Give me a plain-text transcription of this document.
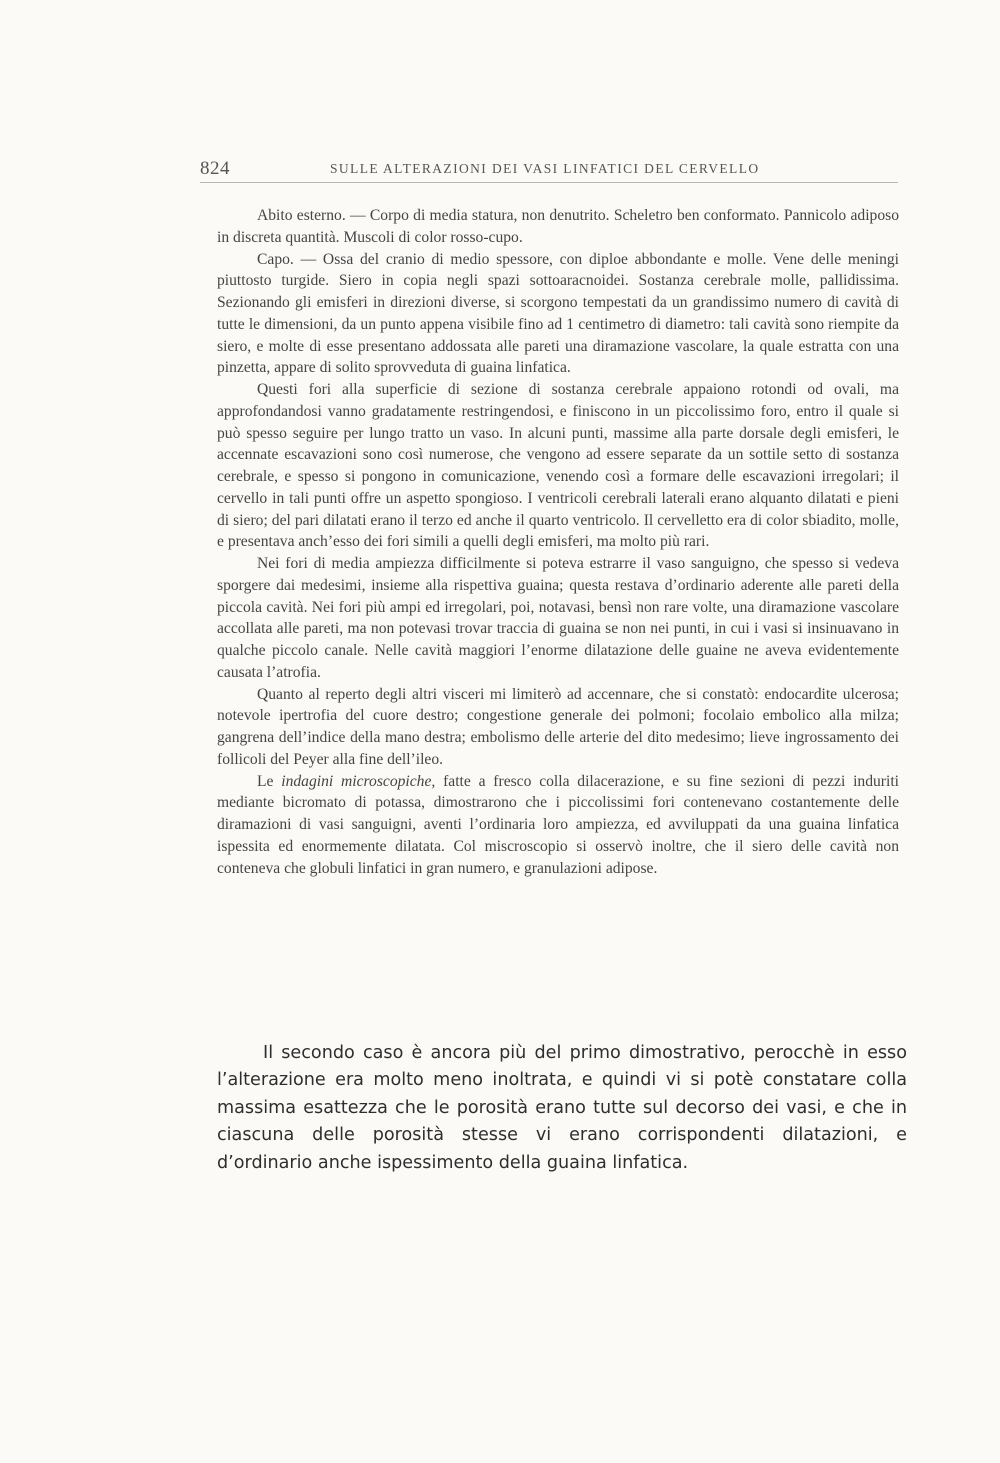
824	SULLE ALTERAZIONI DEI VASI LINFATICI DEL CERVELLO

Abito esterno. — Corpo di media statura, non denutrito. Scheletro ben conformato. Pannicolo adiposo in discreta quantità. Muscoli di color rosso-cupo.

Capo. — Ossa del cranio di medio spessore, con diploe abbondante e molle. Vene delle meningi piuttosto turgide. Siero in copia negli spazi sottoaracnoidei. Sostanza cerebrale molle, pallidissima. Sezionando gli emisferi in direzioni diverse, si scorgono tempestati da un grandissimo numero di cavità di tutte le dimensioni, da un punto appena visibile fino ad 1 centimetro di diametro: tali cavità sono riempite da siero, e molte di esse presentano addossata alle pareti una diramazione vascolare, la quale estratta con una pinzetta, appare di solito sprovveduta di guaina linfatica.

Questi fori alla superficie di sezione di sostanza cerebrale appaiono rotondi od ovali, ma approfondandosi vanno gradatamente restringendosi, e finiscono in un piccolissimo foro, entro il quale si può spesso seguire per lungo tratto un vaso. In alcuni punti, massime alla parte dorsale degli emisferi, le accennate escavazioni sono così numerose, che vengono ad essere separate da un sottile setto di sostanza cerebrale, e spesso si pongono in comunicazione, venendo così a formare delle escavazioni irregolari; il cervello in tali punti offre un aspetto spongioso. I ventricoli cerebrali laterali erano alquanto dilatati e pieni di siero; del pari dilatati erano il terzo ed anche il quarto ventricolo. Il cervelletto era di color sbiadito, molle, e presentava anch’esso dei fori simili a quelli degli emisferi, ma molto più rari.

Nei fori di media ampiezza difficilmente si poteva estrarre il vaso sanguigno, che spesso si vedeva sporgere dai medesimi, insieme alla rispettiva guaina; questa restava d’ordinario aderente alle pareti della piccola cavità. Nei fori più ampi ed irregolari, poi, notavasi, bensì non rare volte, una diramazione vascolare accollata alle pareti, ma non potevasi trovar traccia di guaina se non nei punti, in cui i vasi si insinuavano in qualche piccolo canale. Nelle cavità maggiori l’enorme dilatazione delle guaine ne aveva evidentemente causata l’atrofia.

Quanto al reperto degli altri visceri mi limiterò ad accennare, che si constatò: endocardite ulcerosa; notevole ipertrofia del cuore destro; congestione generale dei polmoni; focolaio embolico alla milza; gangrena dell’indice della mano destra; embolismo delle arterie del dito medesimo; lieve ingrossamento dei follicoli del Peyer alla fine dell’ileo.

Le indagini microscopiche, fatte a fresco colla dilacerazione, e su fine sezioni di pezzi induriti mediante bicromato di potassa, dimostrarono che i piccolissimi fori contenevano costantemente delle diramazioni di vasi sanguigni, aventi l’ordinaria loro ampiezza, ed avviluppati da una guaina linfatica ispessita ed enormemente dilatata. Col miscroscopio si osservò inoltre, che il siero delle cavità non conteneva che globuli linfatici in gran numero, e granulazioni adipose.

Il secondo caso è ancora più del primo dimostrativo, perocchè in esso l’alterazione era molto meno inoltrata, e quindi vi si potè constatare colla massima esattezza che le porosità erano tutte sul decorso dei vasi, e che in ciascuna delle porosità stesse vi erano corrispondenti dilatazioni, e d’ordinario anche ispessimento della guaina linfatica.
